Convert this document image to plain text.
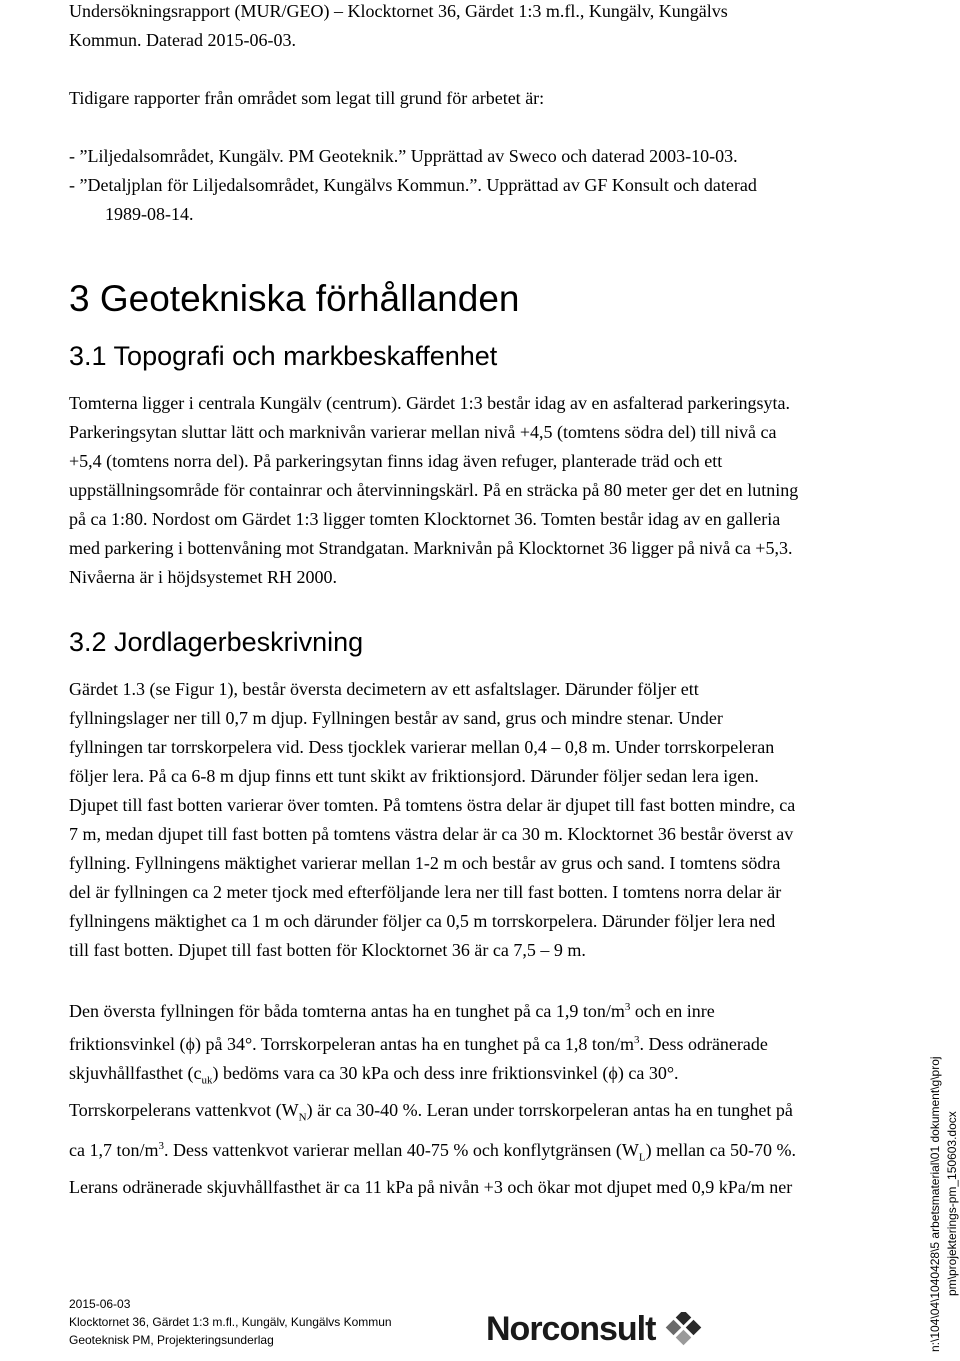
Undersökningsrapport (MUR/GEO) – Klocktornet 36, Gärdet 1:3 m.fl., Kungälv, Kungälvs
Kommun. Daterad 2015-06-03.
Tidigare rapporter från området som legat till grund för arbetet är:
- ”Liljedalsområdet, Kungälv. PM Geoteknik.” Upprättad av Sweco och daterad 2003-10-03.
- ”Detaljplan för Liljedalsområdet, Kungälvs Kommun.”. Upprättad av GF Konsult och daterad
1989-08-14.
3 Geotekniska förhållanden
3.1 Topografi och markbeskaffenhet
Tomterna ligger i centrala Kungälv (centrum). Gärdet 1:3 består idag av en asfalterad parkeringsyta.
Parkeringsytan sluttar lätt och marknivån varierar mellan nivå +4,5 (tomtens södra del) till nivå ca
+5,4 (tomtens norra del). På parkeringsytan finns idag även refuger, planterade träd och ett
uppställningsområde för containrar och återvinningskärl. På en sträcka på 80 meter ger det en lutning
på ca 1:80. Nordost om Gärdet 1:3 ligger tomten Klocktornet 36. Tomten består idag av en galleria
med parkering i bottenvåning mot Strandgatan. Marknivån på Klocktornet 36 ligger på nivå ca +5,3.
Nivåerna är i höjdsystemet RH 2000.
3.2 Jordlagerbeskrivning
Gärdet 1.3 (se Figur 1), består översta decimetern av ett asfaltslager. Därunder följer ett
fyllningslager ner till 0,7 m djup. Fyllningen består av sand, grus och mindre stenar. Under
fyllningen tar torrskorpelera vid. Dess tjocklek varierar mellan 0,4 – 0,8 m. Under torrskorpeleran
följer lera. På ca 6-8 m djup finns ett tunt skikt av friktionsjord. Därunder följer sedan lera igen.
Djupet till fast botten varierar över tomten. På tomtens östra delar är djupet till fast botten mindre, ca
7 m, medan djupet till fast botten på tomtens västra delar är ca 30 m. Klocktornet 36 består överst av
fyllning. Fyllningens mäktighet varierar mellan 1-2 m och består av grus och sand. I tomtens södra
del är fyllningen ca 2 meter tjock med efterföljande lera ner till fast botten. I tomtens norra delar är
fyllningens mäktighet ca 1 m och därunder följer ca 0,5 m torrskorpelera. Därunder följer lera ned
till fast botten. Djupet till fast botten för Klocktornet 36 är ca 7,5 – 9 m.
Den översta fyllningen för båda tomterna antas ha en tunghet på ca 1,9 ton/$m^3$ och en inre
friktionsvinkel (ϕ) på 34°. Torrskorpeleran antas ha en tunghet på ca 1,8 ton/$m^3$. Dess odränerade
skjuvhållfasthet $(c_{uk})$ bedöms vara ca 30 kPa och dess inre friktionsvinkel (ϕ) ca 30°.
Torrskorpelerans vattenkvot $(W_N)$ är ca 30-40 %. Leran under torrskorpeleran antas ha en tunghet på
ca 1,7 ton/$m^3$. Dess vattenkvot varierar mellan 40-75 % och konflytgränsen $(W_L)$ mellan ca 50-70 %.
Lerans odränerade skjuvhållfasthet är ca 11 kPa på nivån +3 och ökar mot djupet med 0,9 kPa/m ner	n:\104\04\1040428\5 arbetsmaterial\01 dokument\g\proj pm\projekterings-pm_150603.docx
2015-06-03
Klocktornet 36, Gärdet 1:3 m.fl., Kungälv, Kungälvs Kommun
Geoteknisk PM, Projekteringsunderlag	Norconsult
